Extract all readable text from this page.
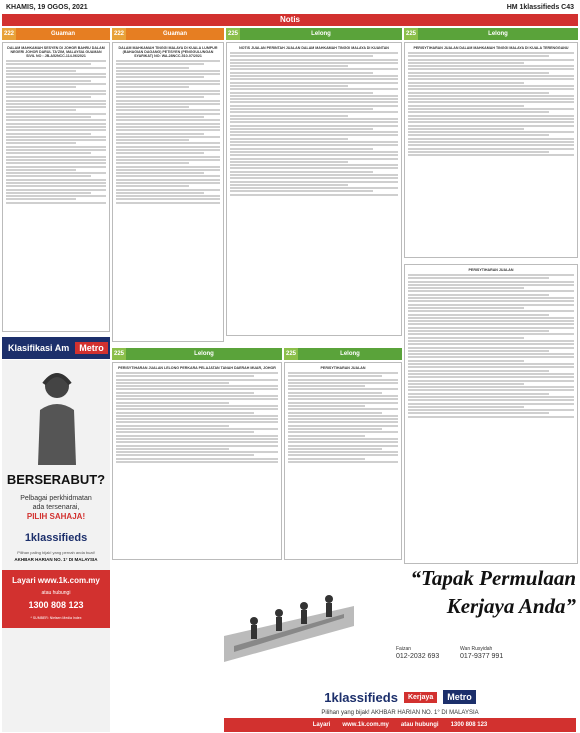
KHAMIS, 19 OGOS, 2021	HM 1klassifieds C43
Notis
222	Guaman
DALAM MAHKAMAH SESYEN DI JOHOR BAHRU DALAM NEGERI JOHOR DARUL TA'ZIM, MALAYSIA GUAMAN SIVIL NO : JB-A52NCC-114-06/2021
222	Guaman
DALAM MAHKAMAH TINGGI MALAYA DI KUALA LUMPUR (BAHAGIAN DAGANG) PETISYEN (PENGGULUNGAN SYARIKAT) NO: WA-28NCC-510-07/2021
225	Lelong
NOTIS JUALAN PERINTAH JUALAN DALAM MAHKAMAH TINGGI MALAYA DI KUANTAN
225	Lelong
PERISYTIHARAN JUALAN DALAM MAHKAMAH TINGGI MALAYA DI KUALA TERENGGANU
PERISYTIHARAN JUALAN
225	Lelong
PERISYTIHARAN JUALAN LELONG PERKARA PELAJATAN TANAH DAERAH MUAR, JOHOR
225	Lelong
PERISYTIHARAN JUALAN
Klasifikasi Am Metro
BERSERABUT?
Pelbagai perkhidmatan
ada tersenarai,
PILIH SAHAJA!
1klassifieds
Pilihan paling bijak! yang pernah anda buat!
AKHBAR HARIAN NO. 1° DI MALAYSIA
Layari www.1k.com.my
atau hubungi
1300 808 123
* SUMBER: Nielsen Media Index
“Tapak Permulaan
Kerjaya Anda”
Faizan
012-2032 693
Wan Rusyidah
017-9377 991
1klassifieds	Kerjaya	Metro
Pilihan yang bijak! AKHBAR HARIAN NO. 1° DI MALAYSIA
Layari www.1k.com.my atau hubungi 1300 808 123
